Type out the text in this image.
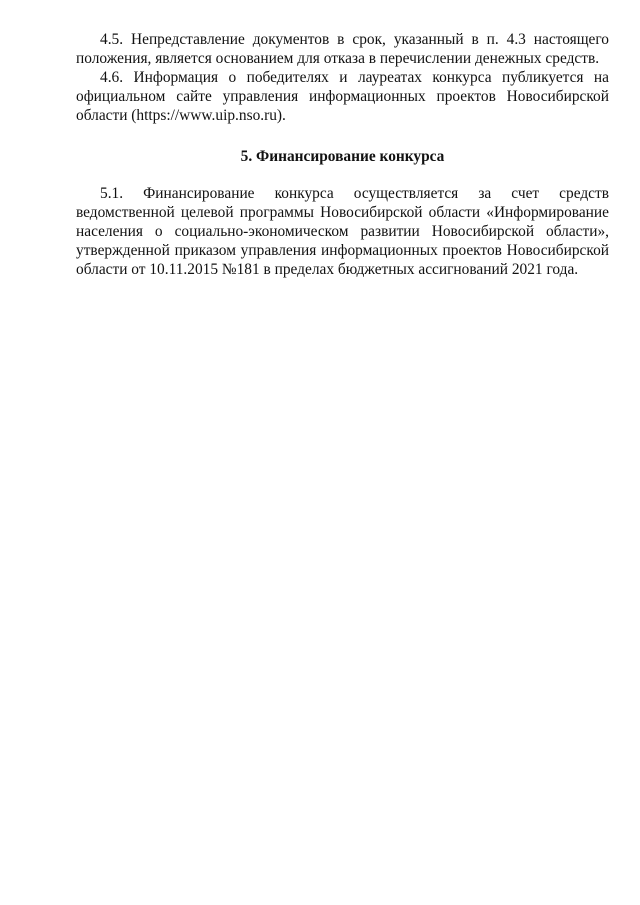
4.5. Непредставление документов в срок, указанный в п. 4.3 настоящего положения, является основанием для отказа в перечислении денежных средств.

4.6. Информация о победителях и лауреатах конкурса публикуется на официальном сайте управления информационных проектов Новосибирской области (https://www.uip.nso.ru).

5. Финансирование конкурса

5.1. Финансирование конкурса осуществляется за счет средств ведомственной целевой программы Новосибирской области «Информирование населения о социально-экономическом развитии Новосибирской области», утвержденной приказом управления информационных проектов Новосибирской области от 10.11.2015 №181 в пределах бюджетных ассигнований 2021 года.
